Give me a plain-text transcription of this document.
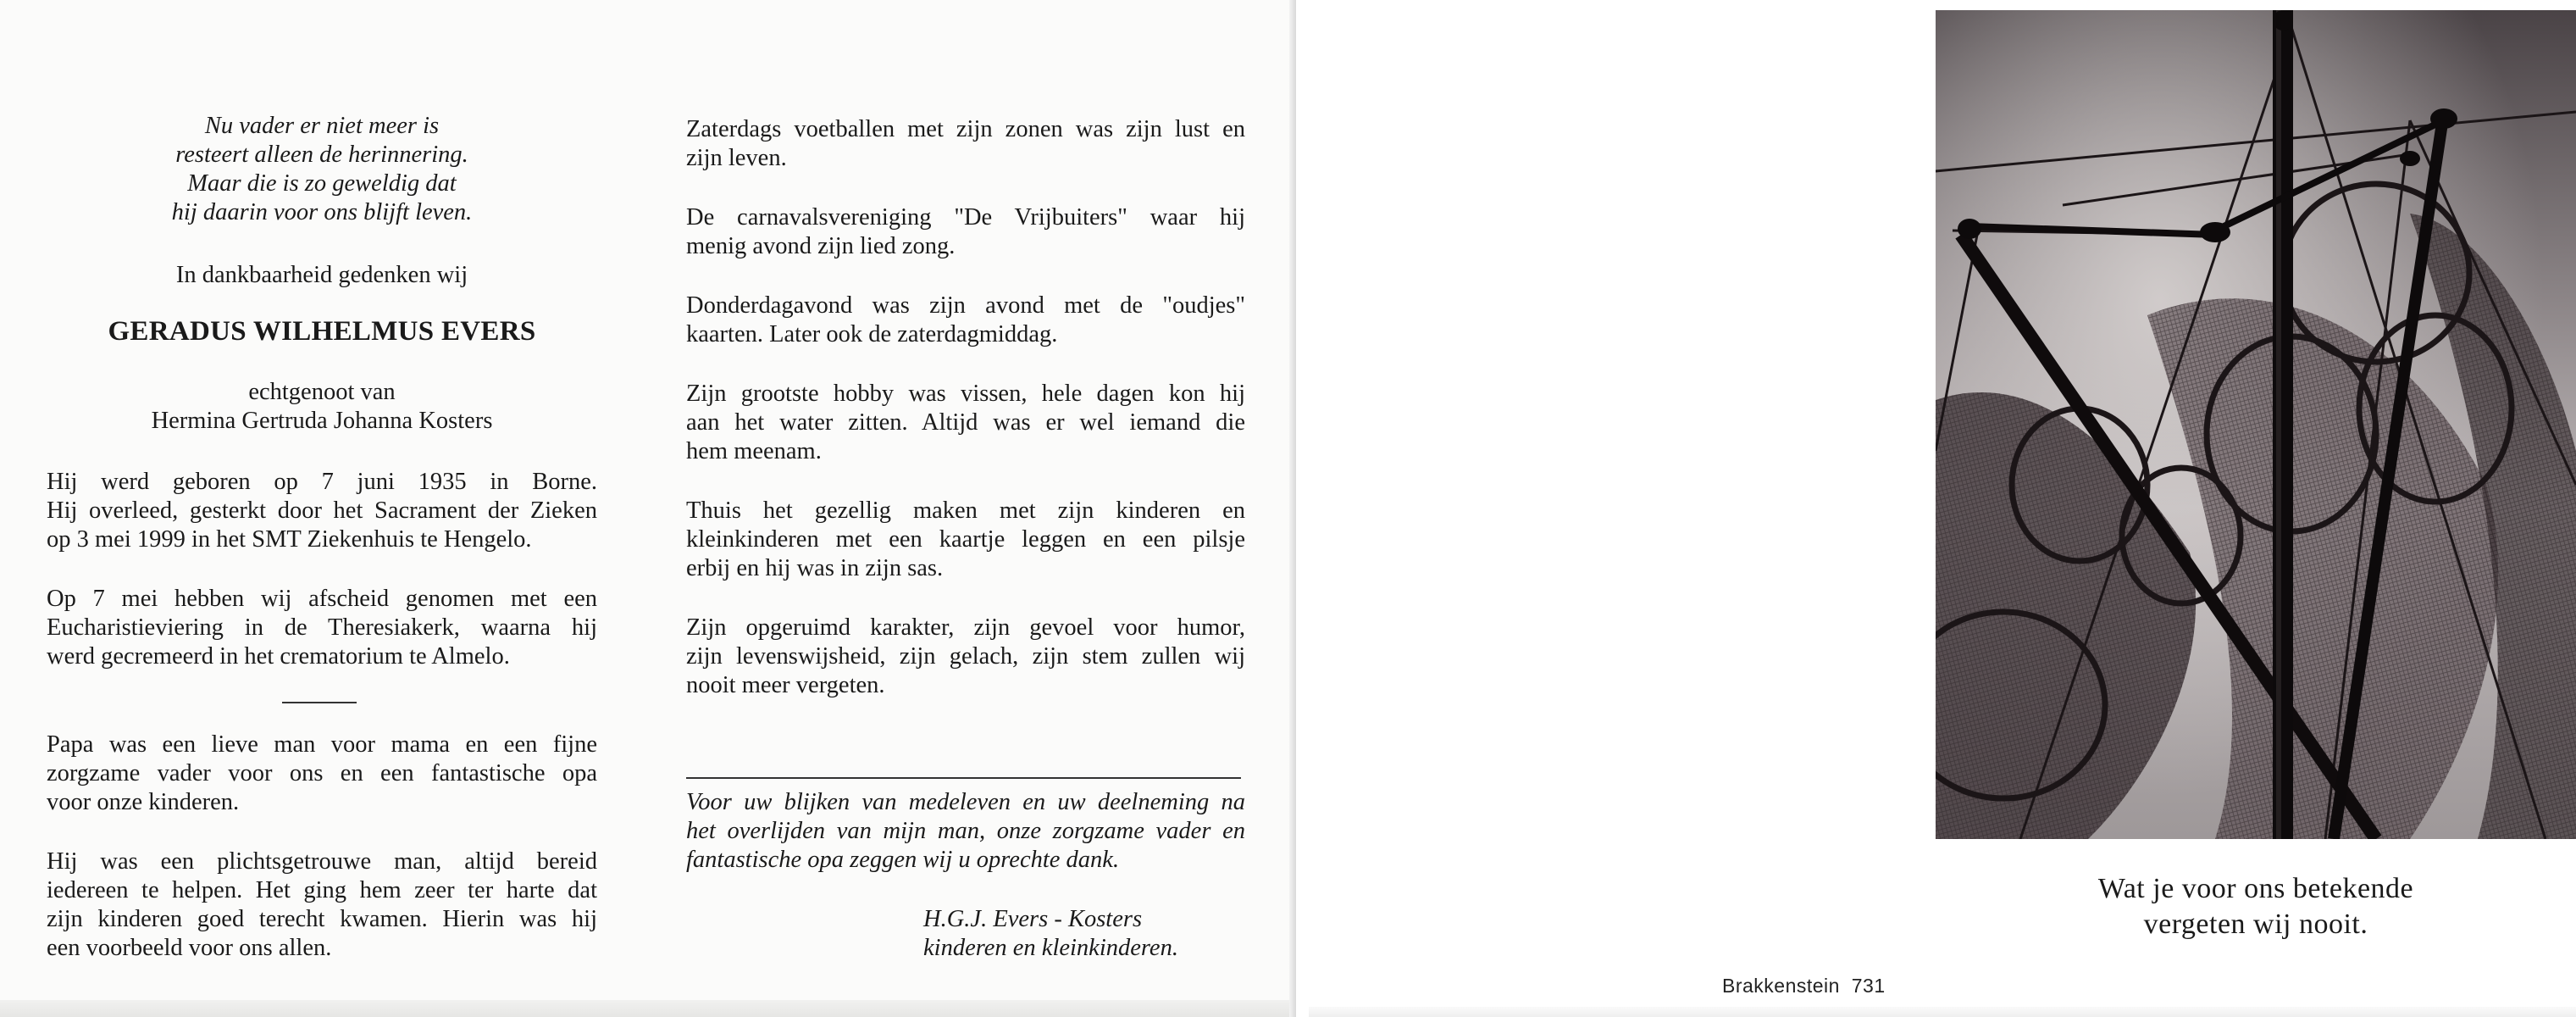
Nu vader er niet meer is
resteert alleen de herinnering.
Maar die is zo geweldig dat
hij daarin voor ons blijft leven.
In dankbaarheid gedenken wij
GERADUS WILHELMUS EVERS
echtgenoot van
Hermina Gertruda Johanna Kosters
Hij werd geboren op 7 juni 1935 in Borne.
Hij overleed, gesterkt door het Sacrament der Zieken
op 3 mei 1999 in het SMT Ziekenhuis te Hengelo.
Op 7 mei hebben wij afscheid genomen met een
Eucharistieviering in de Theresiakerk, waarna hij
werd gecremeerd in het crematorium te Almelo.
Papa was een lieve man voor mama en een fijne
zorgzame vader voor ons en een fantastische opa
voor onze kinderen.
Hij was een plichtsgetrouwe man, altijd bereid
iedereen te helpen. Het ging hem zeer ter harte dat
zijn kinderen goed terecht kwamen. Hierin was hij
een voorbeeld voor ons allen.
Zaterdags voetballen met zijn zonen was zijn lust en
zijn leven.
De carnavalsvereniging "De Vrijbuiters" waar hij
menig avond zijn lied zong.
Donderdagavond was zijn avond met de "oudjes"
kaarten. Later ook de zaterdagmiddag.
Zijn grootste hobby was vissen, hele dagen kon hij
aan het water zitten. Altijd was er wel iemand die
hem meenam.
Thuis het gezellig maken met zijn kinderen en
kleinkinderen met een kaartje leggen en een pilsje
erbij en hij was in zijn sas.
Zijn opgeruimd karakter, zijn gevoel voor humor,
zijn levenswijsheid, zijn gelach, zijn stem zullen wij
nooit meer vergeten.
Voor uw blijken van medeleven en uw deelneming na
het overlijden van mijn man, onze zorgzame vader en
fantastische opa zeggen wij u oprechte dank.
H.G.J. Evers - Kosters
kinderen en kleinkinderen.
Wat je voor ons betekende
vergeten wij nooit.
Brakkenstein  731
